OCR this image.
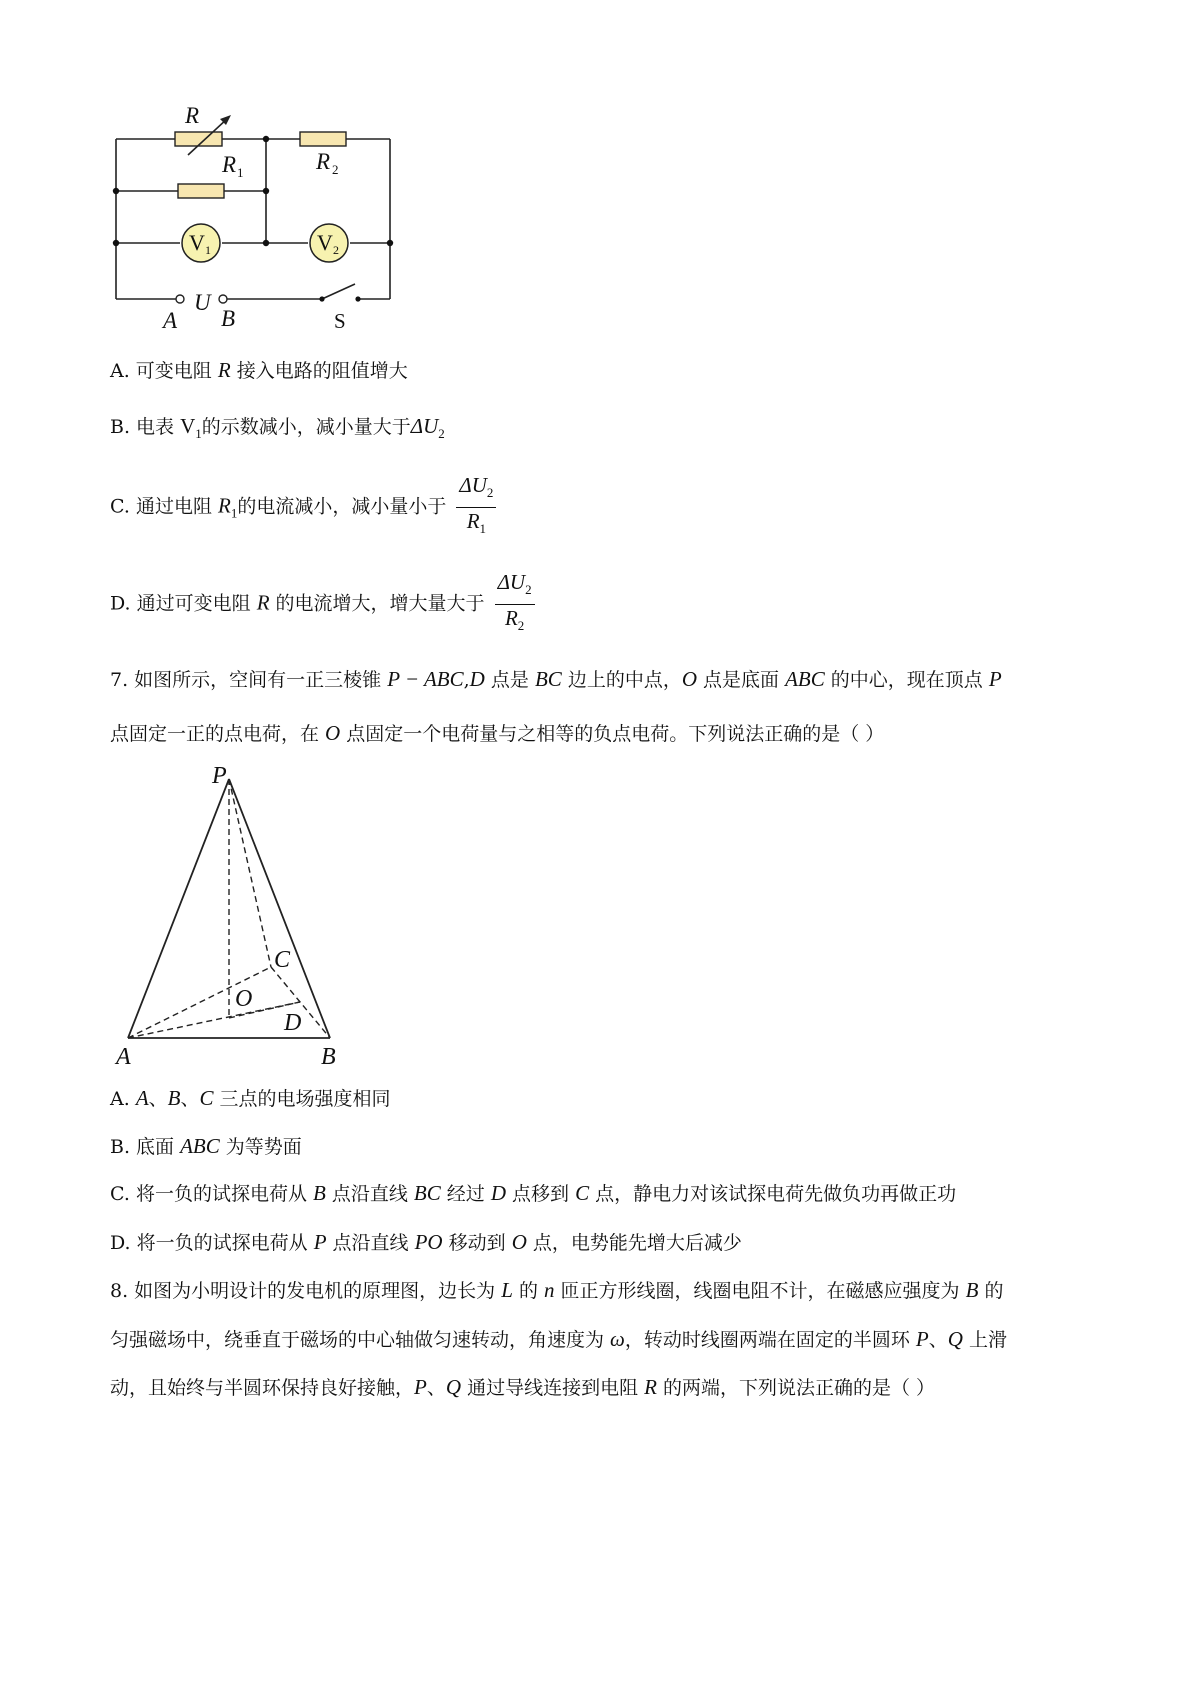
R
R	R
A
U
B
1	2
V 1	V 2
S
A. 可变电阻 R 接入电路的阻值增大
B. 电表 $V_1$的示数减小，减小量大于$\Delta U_2$
C. 通过电阻 $R_1$的电流减小，减小量小于 $\frac{\Delta U_2}{R_1}$
D. 通过可变电阻 R 的电流增大，增大量大于 $\frac{\Delta U_2}{R_2}$
7. 如图所示，空间有一正三棱锥 P − ABC,D 点是 BC 边上的中点，O 点是底面 ABC 的中心，现在顶点 P
点固定一正的点电荷，在 O 点固定一个电荷量与之相等的负点电荷。下列说法正确的是（ ）
P
C
O
D
A	B
A. A、B、C 三点的电场强度相同
B. 底面 ABC 为等势面
C. 将一负的试探电荷从 B 点沿直线 BC 经过 D 点移到 C 点，静电力对该试探电荷先做负功再做正功
D. 将一负的试探电荷从 P 点沿直线 PO 移动到 O 点，电势能先增大后减少
8. 如图为小明设计的发电机的原理图，边长为 L 的 n 匝正方形线圈，线圈电阻不计，在磁感应强度为 B 的
匀强磁场中，绕垂直于磁场的中心轴做匀速转动，角速度为 ω，转动时线圈两端在固定的半圆环 P、Q 上滑
动，且始终与半圆环保持良好接触，P、Q 通过导线连接到电阻 R 的两端，下列说法正确的是（ ）
